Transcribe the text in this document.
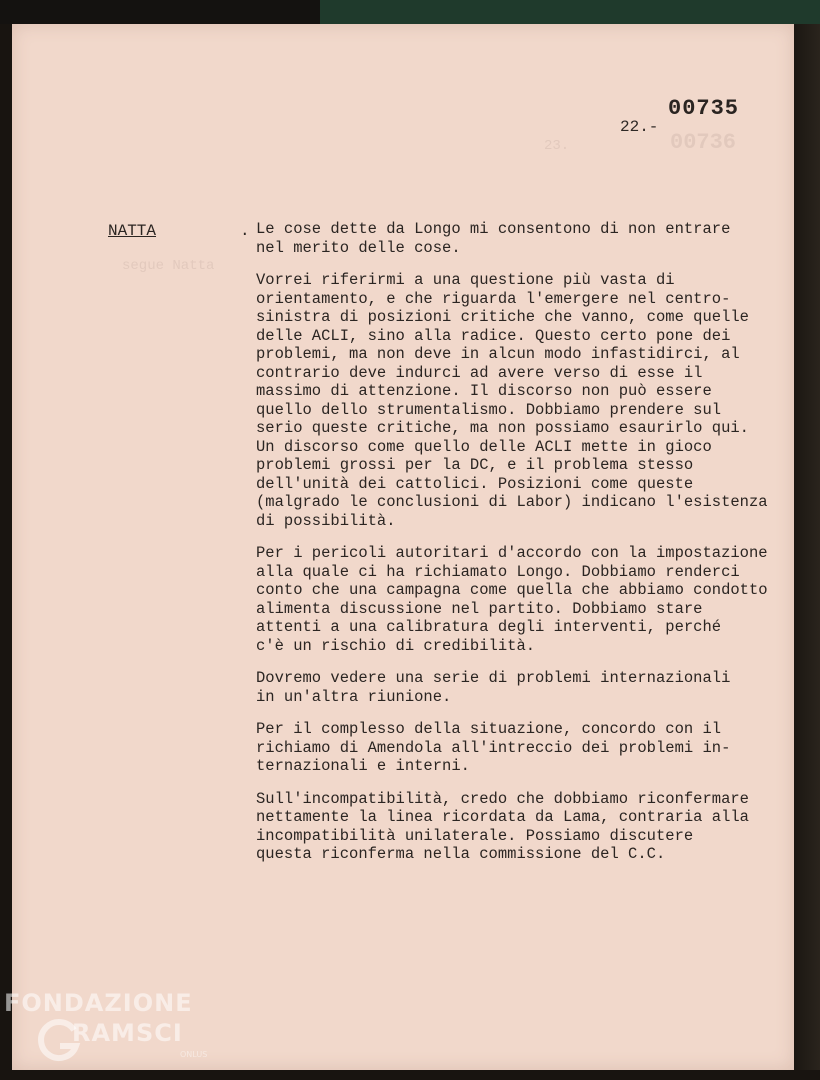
00736
23.
segue Natta
00735
22.-
NATTA	. Le cose dette da Longo mi consentono di non entrare
nel merito delle cose.

Vorrei riferirmi a una questione più vasta di
orientamento, e che riguarda l'emergere nel centro-
sinistra di posizioni critiche che vanno, come quelle
delle ACLI, sino alla radice. Questo certo pone dei
problemi, ma non deve in alcun modo infastidirci, al
contrario deve indurci ad avere verso di esse il
massimo di attenzione. Il discorso non può essere
quello dello strumentalismo. Dobbiamo prendere sul
serio queste critiche, ma non possiamo esaurirlo qui.
Un discorso come quello delle ACLI mette in gioco
problemi grossi per la DC, e il problema stesso
dell'unità dei cattolici. Posizioni come queste
(malgrado le conclusioni di Labor) indicano l'esistenza
di possibilità.

Per i pericoli autoritari d'accordo con la impostazione
alla quale ci ha richiamato Longo. Dobbiamo renderci
conto che una campagna come quella che abbiamo condotto
alimenta discussione nel partito. Dobbiamo stare
attenti a una calibratura degli interventi, perché
c'è un rischio di credibilità.

Dovremo vedere una serie di problemi internazionali
in un'altra riunione.

Per il complesso della situazione, concordo con il
richiamo di Amendola all'intreccio dei problemi in-
ternazionali e interni.

Sull'incompatibilità, credo che dobbiamo riconfermare
nettamente la linea ricordata da Lama, contraria alla
incompatibilità unilaterale. Possiamo discutere
questa riconferma nella commissione del C.C.

FONDAZIONE
RAMSCI
ONLUS
